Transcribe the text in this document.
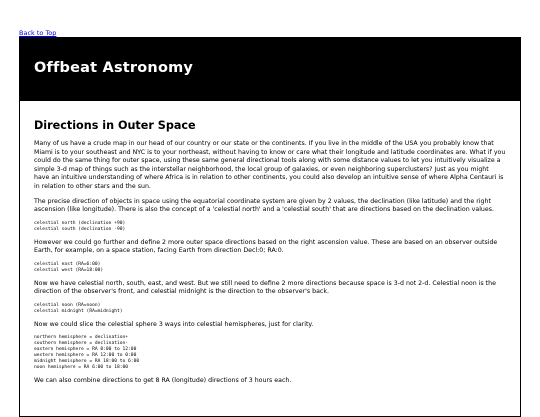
Back to Top
Offbeat Astronomy
Directions in Outer Space

Many of us have a crude map in our head of our country or our state or the continents. If you live in the middle of the USA you probably know that Miami is to your southeast and NYC is to your northeast, without having to know or care what their longitude and latitude coordinates are. What if you could do the same thing for outer space, using these same general directional tools along with some distance values to let you intuitively visualize a simple 3-d map of things such as the interstellar neighborhood, the local group of galaxies, or even neighboring superclusters? Just as you might have an intuitive understanding of where Africa is in relation to other continents, you could also develop an intuitive sense of where Alpha Centauri is in relation to other stars and the sun.

The precise direction of objects in space using the equatorial coordinate system are given by 2 values, the declination (like latitude) and the right ascension (like longitude). There is also the concept of a 'celestial north' and a 'celestial south' that are directions based on the declination values.

celestial north (declination +90)
celestial south (declination -90)

However we could go further and define 2 more outer space directions based on the right ascension value. These are based on an observer outside Earth, for example, on a space station, facing Earth from direction Decl:0; RA:0.

celestial east (RA=6:00)
celestial west (RA=18:00)

Now we have celestial north, south, east, and west. But we still need to define 2 more directions because space is 3-d not 2-d. Celestial noon is the direction of the observer's front, and celestial midnight is the direction to the observer's back.

celestial noon (RA=noon)
celestial midnight (RA=midnight)

Now we could slice the celestial sphere 3 ways into celestial hemispheres, just for clarity.

northern hemisphere = declination+
southern hemisphere = declination-
eastern hemisphere = RA 0:00 to 12:00
western hemisphere = RA 12:00 to 0:00
midnight hemisphere = RA 18:00 to 6:00
noon hemisphere = RA 6:00 to 18:00

We can also combine directions to get 8 RA (longitude) directions of 3 hours each.
